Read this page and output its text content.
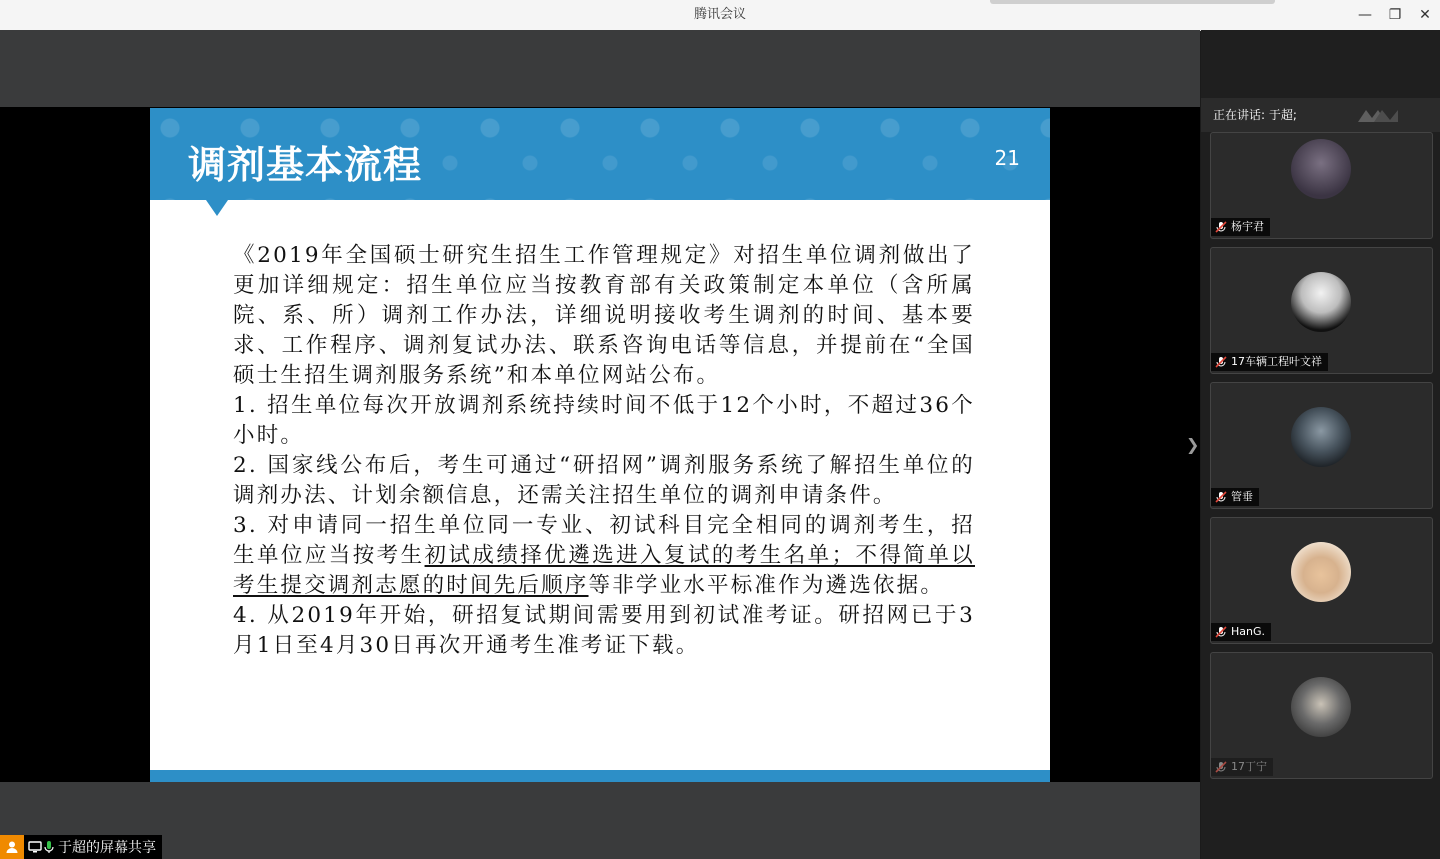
腾讯会议	—	❐	✕
调剂基本流程	21

《2019年全国硕士研究生招生工作管理规定》对招生单位调剂做出了更加详细规定：招生单位应当按教育部有关政策制定本单位（含所属院、系、所）调剂工作办法，详细说明接收考生调剂的时间、基本要求、工作程序、调剂复试办法、联系咨询电话等信息，并提前在“全国硕士生招生调剂服务系统”和本单位网站公布。

1. 招生单位每次开放调剂系统持续时间不低于12个小时，不超过36个小时。

2. 国家线公布后，考生可通过“研招网”调剂服务系统了解招生单位的调剂办法、计划余额信息，还需关注招生单位的调剂申请条件。

3. 对申请同一招生单位同一专业、初试科目完全相同的调剂考生，招生单位应当按考生初试成绩择优遴选进入复试的考生名单；不得简单以考生提交调剂志愿的时间先后顺序等非学业水平标准作为遴选依据。

4. 从2019年开始，研招复试期间需要用到初试准考证。研招网已于3月1日至4月30日再次开通考生准考证下载。

❯
正在讲话: 于超;
杨宇君
17车辆工程叶文祥
管垂
HanG.
17丁宁
于超的屏幕共享
